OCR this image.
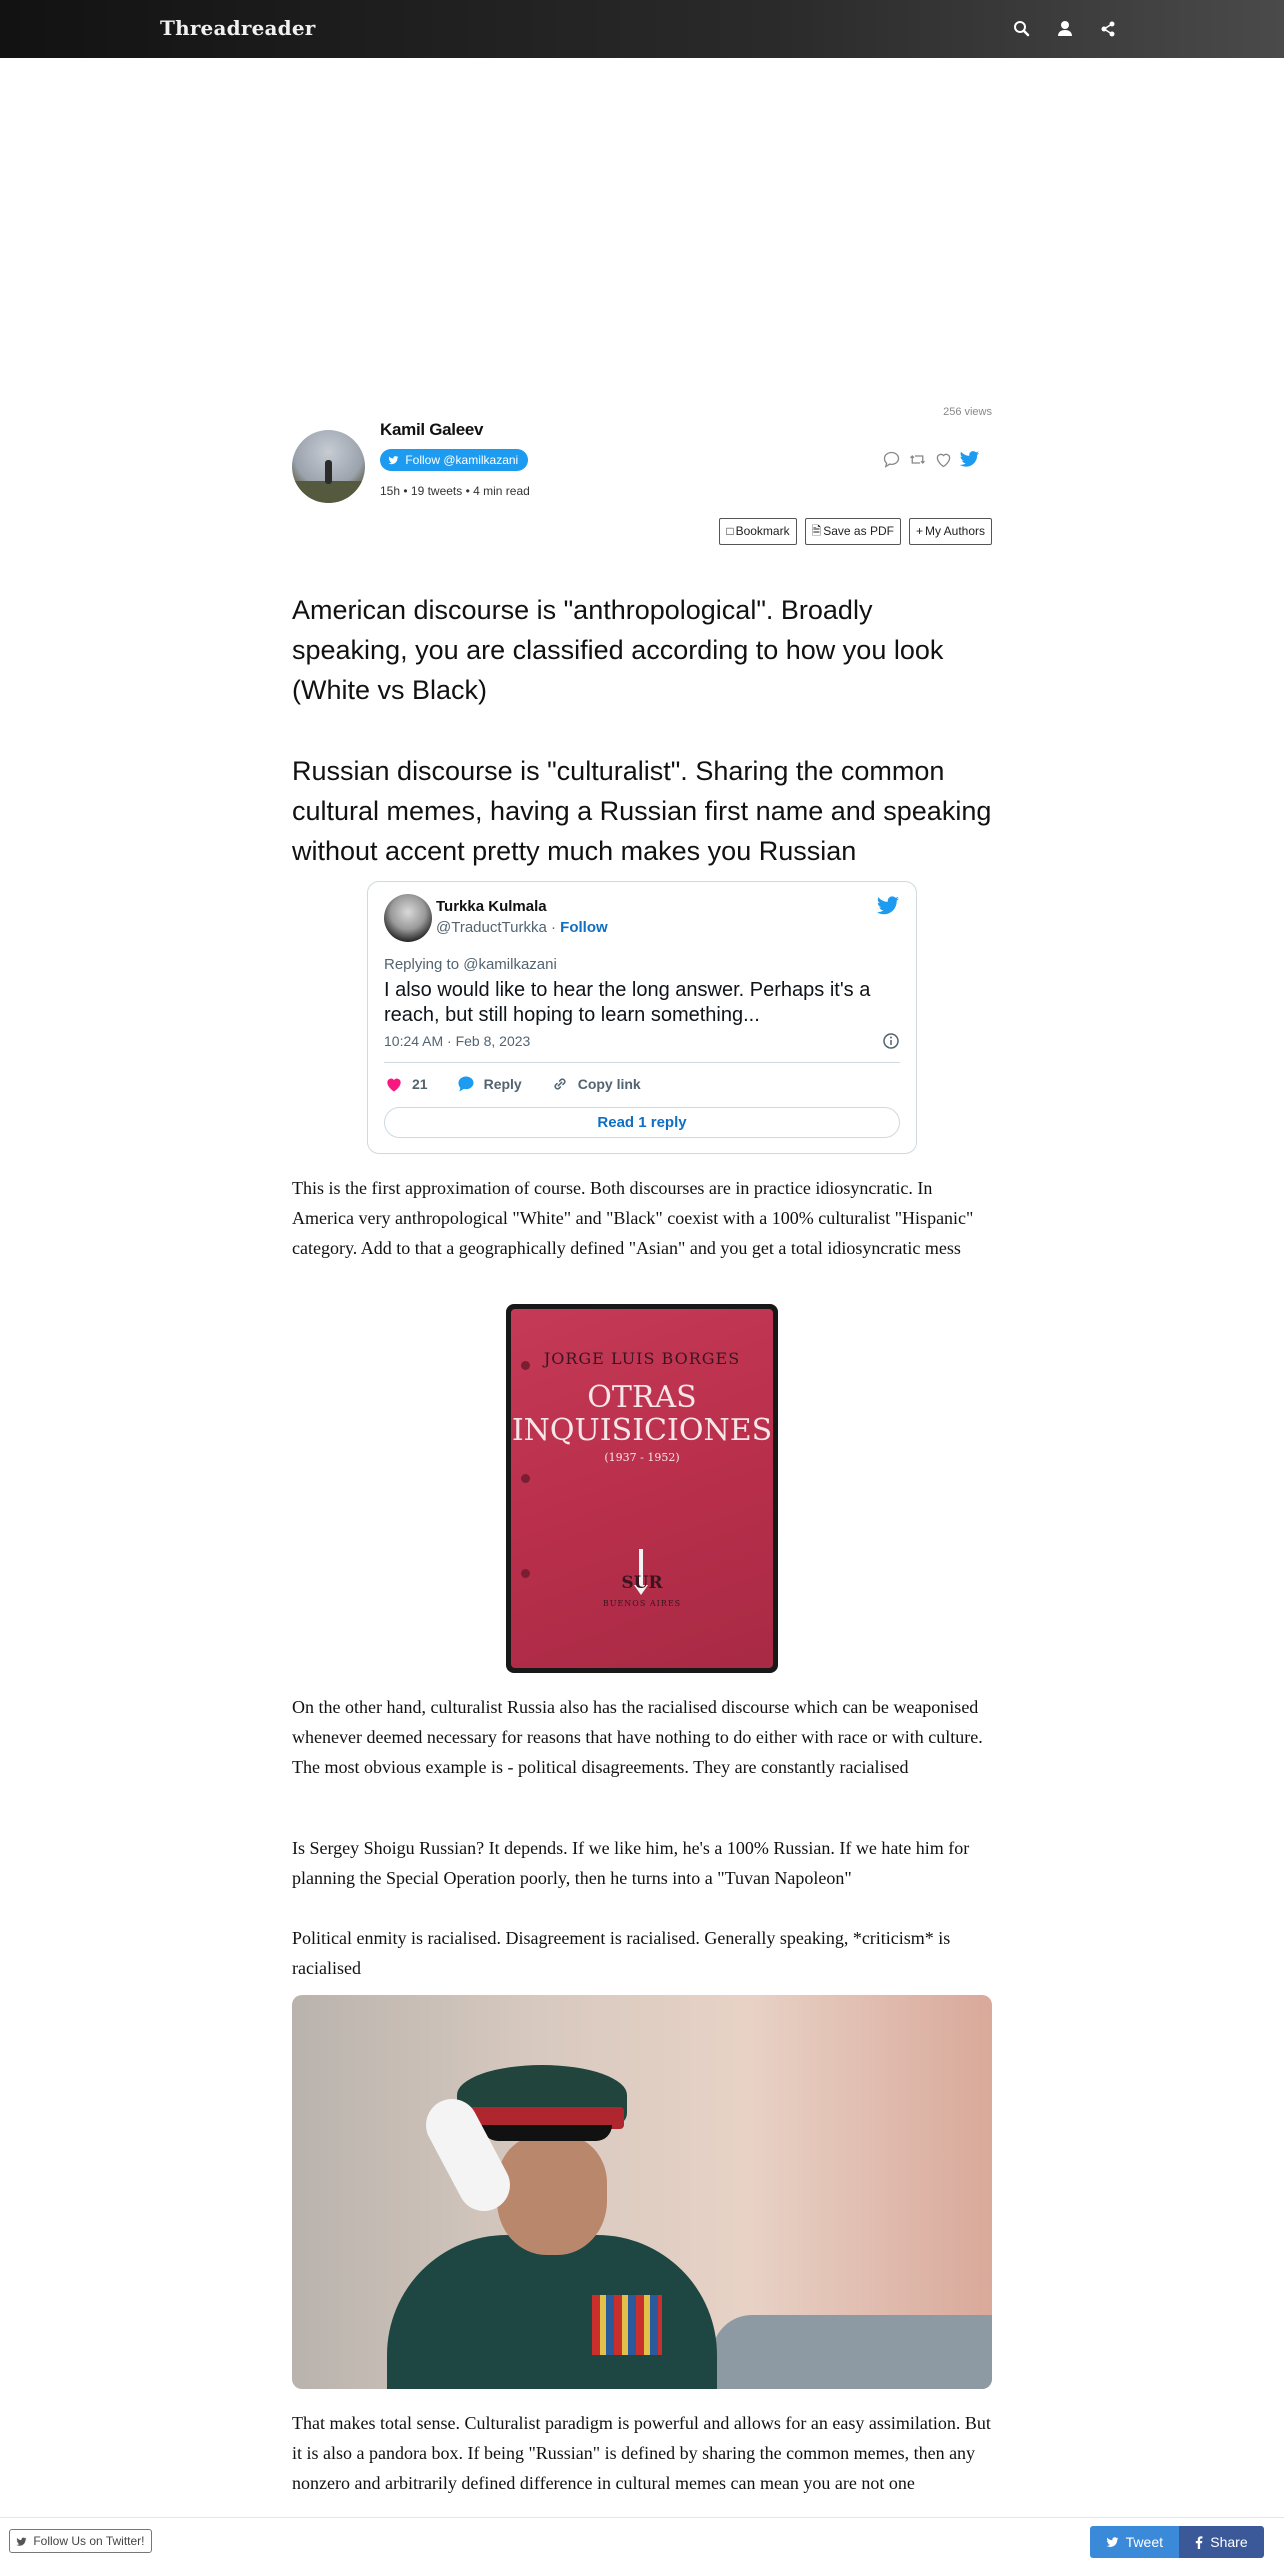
Threadreader
256 views
Kamil Galeev
Follow @kamilkazani
15h • 19 tweets • 4 min read
□ Bookmark	🗎 Save as PDF	+ My Authors
American discourse is "anthropological". Broadly speaking, you are classified according to how you look (White vs Black)
Russian discourse is "culturalist". Sharing the common cultural memes, having a Russian first name and speaking without accent pretty much makes you Russian
Turkka Kulmala
@TraductTurkka · Follow
Replying to @kamilkazani
I also would like to hear the long answer. Perhaps it's a reach, but still hoping to learn something...
10:24 AM · Feb 8, 2023
21	Reply	Copy link
Read 1 reply
This is the first approximation of course. Both discourses are in practice idiosyncratic. In America very anthropological "White" and "Black" coexist with a 100% culturalist "Hispanic" category. Add to that a geographically defined "Asian" and you get a total idiosyncratic mess
JORGE LUIS BORGES
OTRAS
INQUISICIONES
(1937 - 1952)
SUR
BUENOS AIRES
On the other hand, culturalist Russia also has the racialised discourse which can be weaponised whenever deemed necessary for reasons that have nothing to do either with race or with culture. The most obvious example is - political disagreements. They are constantly racialised
Is Sergey Shoigu Russian? It depends. If we like him, he's a 100% Russian. If we hate him for planning the Special Operation poorly, then he turns into a "Tuvan Napoleon"
Political enmity is racialised. Disagreement is racialised. Generally speaking, *criticism* is racialised
That makes total sense. Culturalist paradigm is powerful and allows for an easy assimilation. But it is also a pandora box. If being "Russian" is defined by sharing the common memes, then any nonzero and arbitrarily defined difference in cultural memes can mean you are not one
Follow Us on Twitter!	Tweet	Share
